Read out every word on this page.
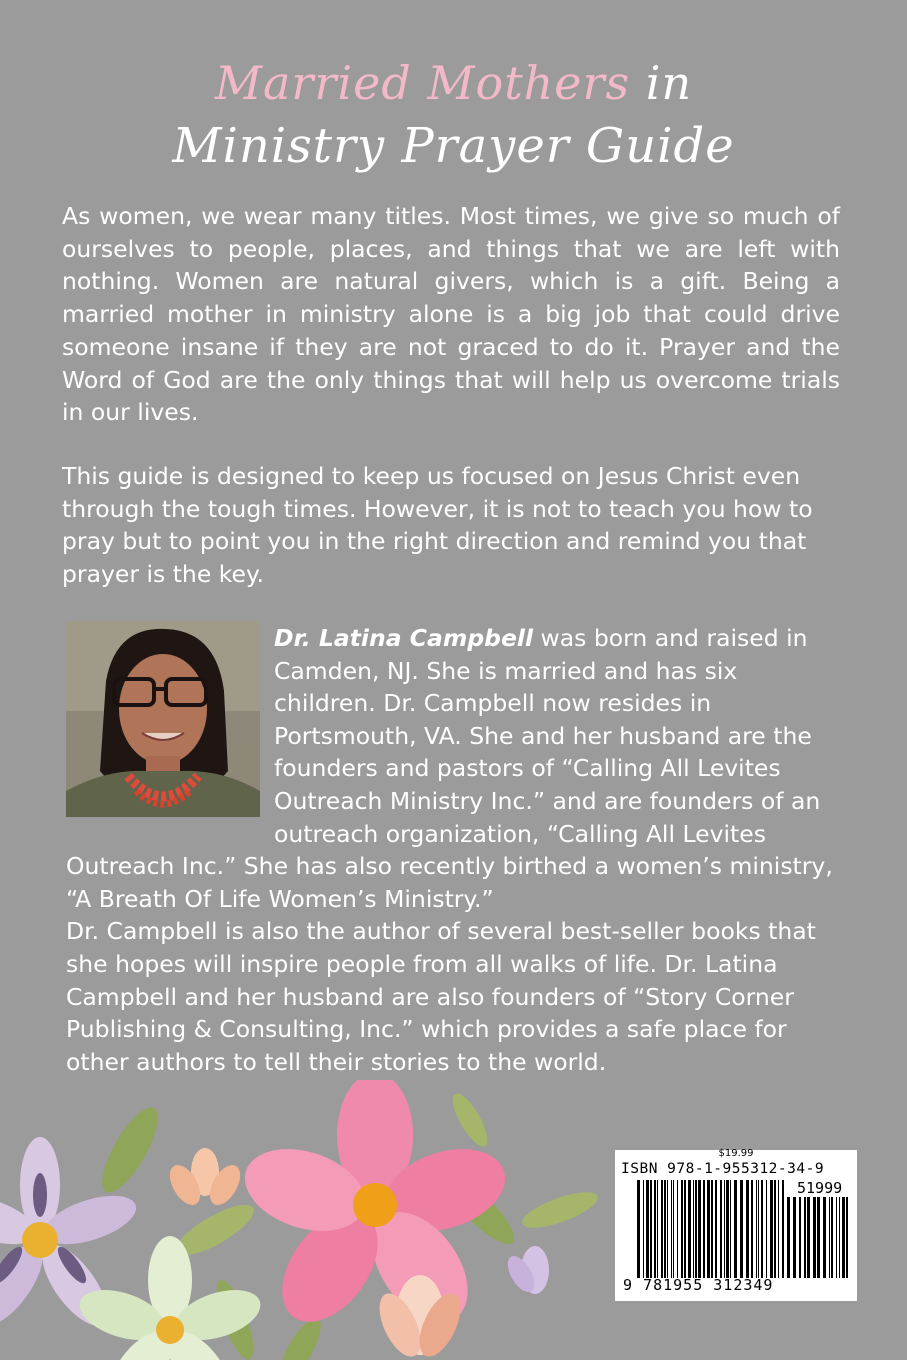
Married Mothers in
Ministry Prayer Guide
As women, we wear many titles. Most times, we give so much of ourselves to people, places, and things that we are left with nothing. Women are natural givers, which is a gift. Being a married mother in ministry alone is a big job that could drive someone insane if they are not graced to do it. Prayer and the Word of God are the only things that will help us overcome trials in our lives.
This guide is designed to keep us focused on Jesus Christ even through the tough times. However, it is not to teach you how to pray but to point you in the right direction and remind you that prayer is the key.
Dr. Latina Campbell was born and raised in Camden, NJ. She is married and has six children. Dr. Campbell now resides in Portsmouth, VA. She and her husband are the founders and pastors of “Calling All Levites Outreach Ministry Inc.” and are founders of an outreach organization, “Calling All Levites Outreach Inc.” She has also recently birthed a women’s ministry, “A Breath Of Life Women’s Ministry.”
Dr. Campbell is also the author of several best-seller books that she hopes will inspire people from all walks of life. Dr. Latina Campbell and her husband are also founders of “Story Corner Publishing & Consulting, Inc.” which provides a safe place for other authors to tell their stories to the world.
$19.99
ISBN 978-1-955312-34-9
51999
9 781955 312349
